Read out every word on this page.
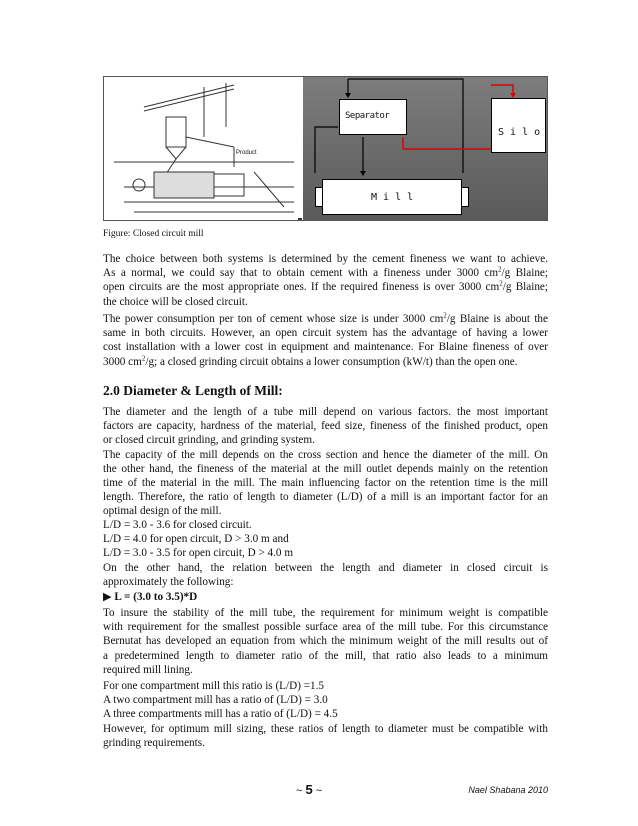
Product
Separator
S i l o
M i l l
Figure: Closed circuit mill
The choice between both systems is determined by the cement fineness we want to achieve.
As a normal, we could say that to obtain cement with a fineness under 3000 $cm^2/g$ Blaine;
open circuits are the most appropriate ones. If the required fineness is over 3000 $cm^2/g$ Blaine;
the choice will be closed circuit.
The power consumption per ton of cement whose size is under 3000 $cm^2/g$ Blaine is about the
same in both circuits. However, an open circuit system has the advantage of having a lower
cost installation with a lower cost in equipment and maintenance. For Blaine fineness of over
3000 $cm^2/g$; a closed grinding circuit obtains a lower consumption (kW/t) than the open one.
2.0 Diameter & Length of Mill:
The diameter and the length of a tube mill depend on various factors. the most important
factors are capacity, hardness of the material, feed size, fineness of the finished product, open
or closed circuit grinding, and grinding system.
The capacity of the mill depends on the cross section and hence the diameter of the mill. On
the other hand, the fineness of the material at the mill outlet depends mainly on the retention
time of the material in the mill. The main influencing factor on the retention time is the mill
length. Therefore, the ratio of length to diameter (L/D) of a mill is an important factor for an
optimal design of the mill.
L/D = 3.0 - 3.6 for closed circuit.
L/D = 4.0 for open circuit, D > 3.0 m and
L/D = 3.0 - 3.5 for open circuit, D > 4.0 m
On the other hand, the relation between the length and diameter in closed circuit is
approximately the following:
▶ L = (3.0 to 3.5)*D
To insure the stability of the mill tube, the requirement for minimum weight is compatible
with requirement for the smallest possible surface area of the mill tube. For this circumstance
Bernutat has developed an equation from which the minimum weight of the mill results out of
a predetermined length to diameter ratio of the mill, that ratio also leads to a minimum
required mill lining.
For one compartment mill this ratio is (L/D) =1.5
A two compartment mill has a ratio of (L/D) = 3.0
A three compartments mill has a ratio of (L/D) = 4.5
However, for optimum mill sizing, these ratios of length to diameter must be compatible with
grinding requirements.
~ 5 ~	Nael Shabana 2010
